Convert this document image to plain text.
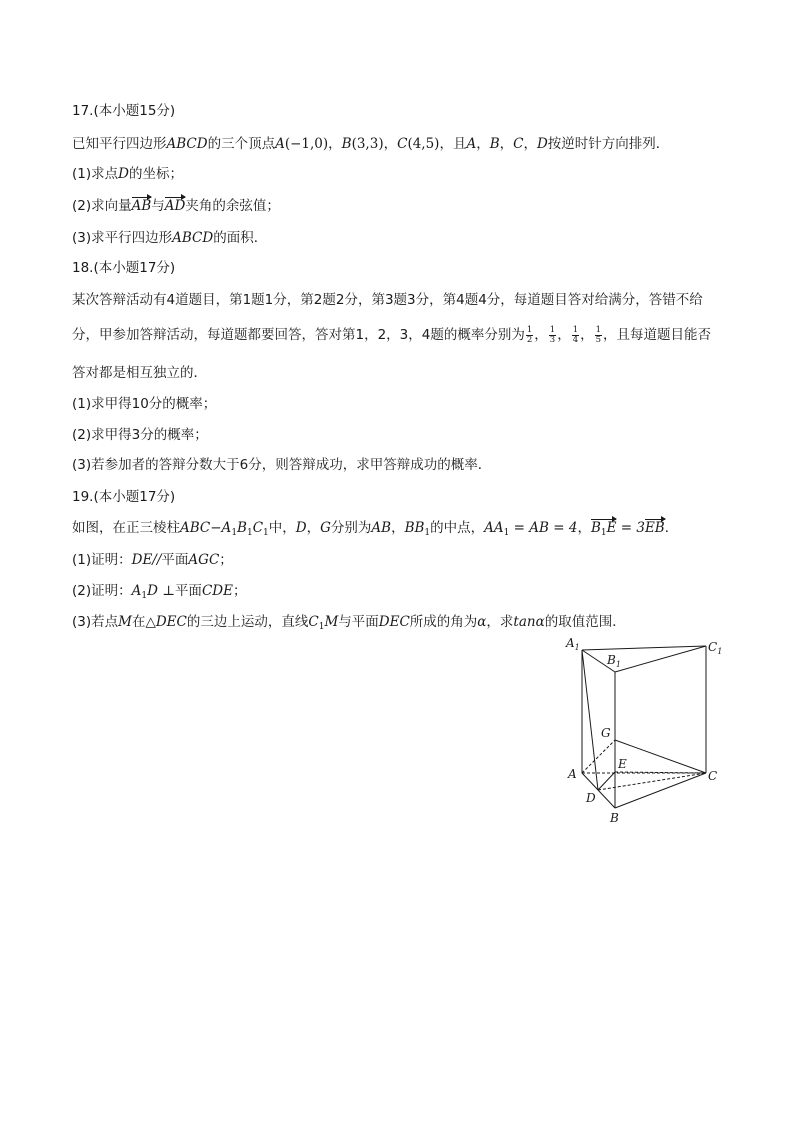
17.(本小题15分)
已知平行四边形ABCD的三个顶点A(−1,0)，B(3,3)，C(4,5)，且A，B，C，D按逆时针方向排列．
(1)求点D的坐标；
(2)求向量AB与AD夹角的余弦值；
(3)求平行四边形ABCD的面积．
18.(本小题17分)
某次答辩活动有4道题目，第1题1分，第2题2分，第3题3分，第4题4分，每道题目答对给满分，答错不给
分，甲参加答辩活动，每道题都要回答，答对第1，2，3，4题的概率分别为 $\frac{1}{2}$ ， $\frac{1}{3}$ ， $\frac{1}{4}$ ， $\frac{1}{5}$ ，且每道题目能否
答对都是相互独立的．
(1)求甲得10分的概率；
(2)求甲得3分的概率；
(3)若参加者的答辩分数大于6分，则答辩成功，求甲答辩成功的概率．
19.(本小题17分)
如图，在正三棱柱$ABC-A_1B_1C_1$中，D，G分别为AB，$BB_1$的中点，$AA_1$ = AB = 4，$B_1E = 3EB$．
(1)证明：DE//平面AGC；
(2)证明：$A_1D$ ⊥平面CDE；
(3)若点M在△DEC的三边上运动，直线$C_1M$与平面DEC所成的角为α，求tanα的取值范围．
$A_1$
$B_1$
$C_1$
G
E
A	C
D
B
